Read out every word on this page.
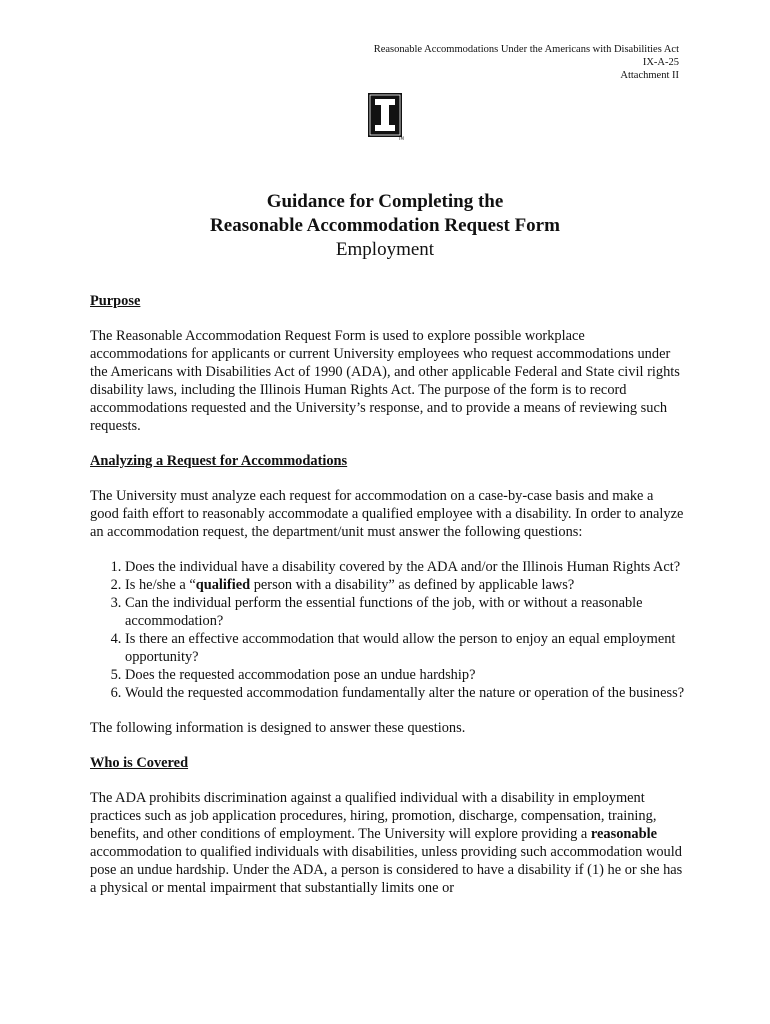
Reasonable Accommodations Under the Americans with Disabilities Act
IX-A-25
Attachment II
TM
Guidance for Completing the
Reasonable Accommodation Request Form
Employment
Purpose

The Reasonable Accommodation Request Form is used to explore possible workplace accommodations for applicants or current University employees who request accommodations under the Americans with Disabilities Act of 1990 (ADA), and other applicable Federal and State civil rights disability laws, including the Illinois Human Rights Act. The purpose of the form is to record accommodations requested and the University’s response, and to provide a means of reviewing such requests.

Analyzing a Request for Accommodations

The University must analyze each request for accommodation on a case-by-case basis and make a good faith effort to reasonably accommodate a qualified employee with a disability. In order to analyze an accommodation request, the department/unit must answer the following questions:

1. Does the individual have a disability covered by the ADA and/or the Illinois Human Rights Act?
2. Is he/she a “qualified person with a disability” as defined by applicable laws?
3. Can the individual perform the essential functions of the job, with or without a reasonable accommodation?
4. Is there an effective accommodation that would allow the person to enjoy an equal employment opportunity?
5. Does the requested accommodation pose an undue hardship?
6. Would the requested accommodation fundamentally alter the nature or operation of the business?

The following information is designed to answer these questions.

Who is Covered

The ADA prohibits discrimination against a qualified individual with a disability in employment practices such as job application procedures, hiring, promotion, discharge, compensation, training, benefits, and other conditions of employment. The University will explore providing a reasonable accommodation to qualified individuals with disabilities, unless providing such accommodation would pose an undue hardship. Under the ADA, a person is considered to have a disability if (1) he or she has a physical or mental impairment that substantially limits one or
